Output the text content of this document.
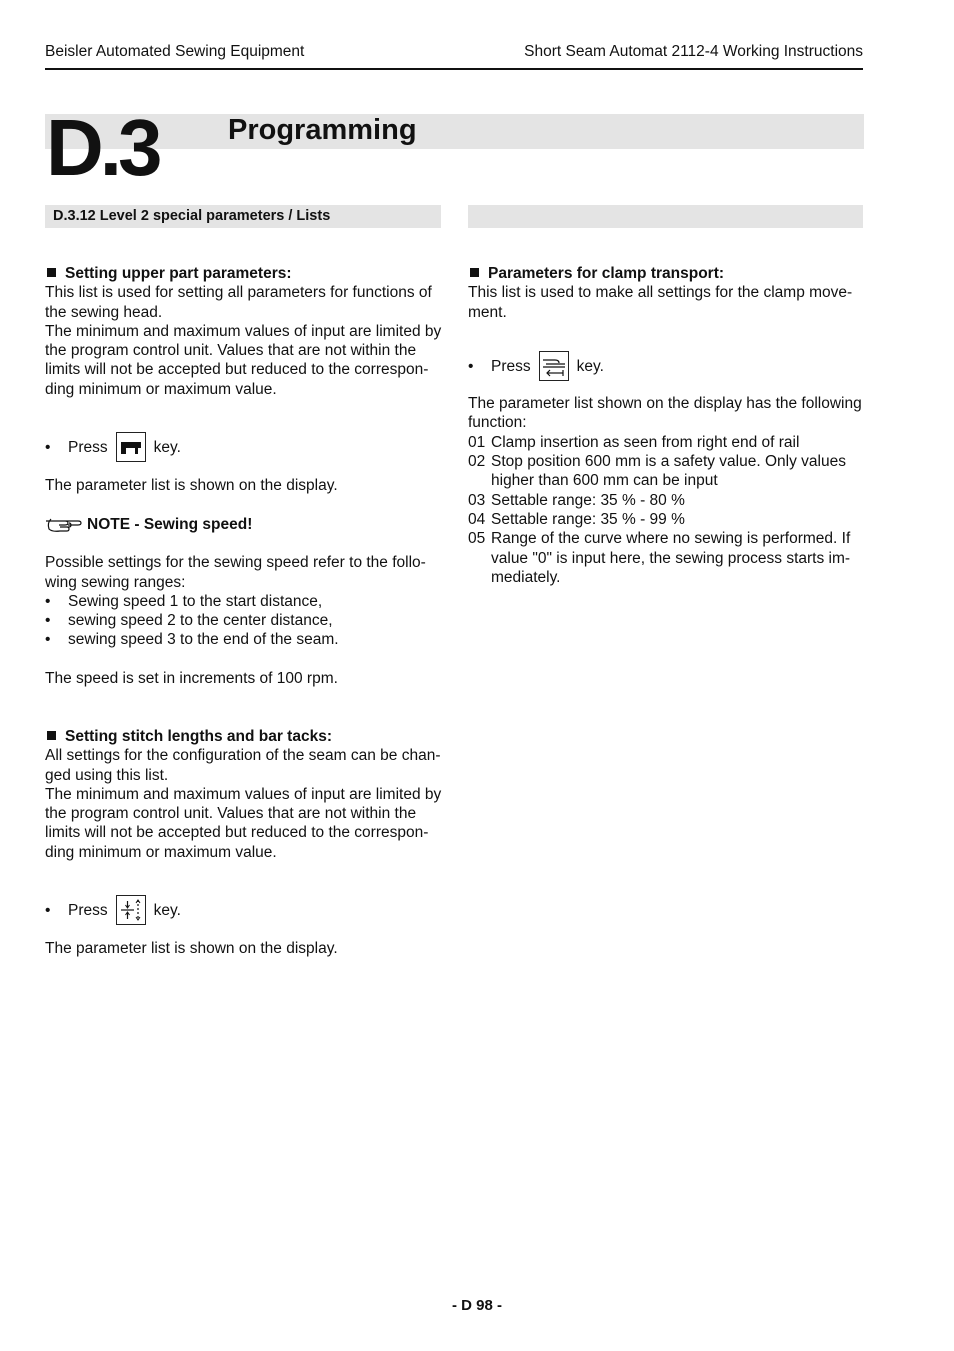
Beisler Automated Sewing Equipment	Short Seam Automat 2112-4 Working Instructions
D.3 Programming
D.3.12 Level 2 special parameters / Lists

Setting upper part parameters:

This list is used for setting all parameters for functions of the sewing head.

The minimum and maximum values of input are limited by the program control unit. Values that are not within the limits will not be accepted but reduced to the correspon-ding minimum or maximum value.

•	Press	key.

The parameter list is shown on the display.

NOTE - Sewing speed!

Possible settings for the sewing speed refer to the follo-wing sewing ranges:

• Sewing speed 1 to the start distance,
• sewing speed 2 to the center distance,
• sewing speed 3 to the end of the seam.

The speed is set in increments of 100 rpm.

Setting stitch lengths and bar tacks:

All settings for the configuration of the seam can be chan-ged using this list.

The minimum and maximum values of input are limited by the program control unit. Values that are not within the limits will not be accepted but reduced to the correspon-ding minimum or maximum value.

•	Press	key.

The parameter list is shown on the display.

Parameters for clamp transport:

This list is used to make all settings for the clamp move-ment.

•	Press	key.

The parameter list shown on the display has the following function:

01 Clamp insertion as seen from right end of rail
02 Stop position 600 mm is a safety value. Only values higher than 600 mm can be input
03 Settable range: 35 % - 80 %
04 Settable range: 35 % - 99 %
05 Range of the curve where no sewing is performed. If value "0" is input here, the sewing process starts im-mediately.
- D 98 -
